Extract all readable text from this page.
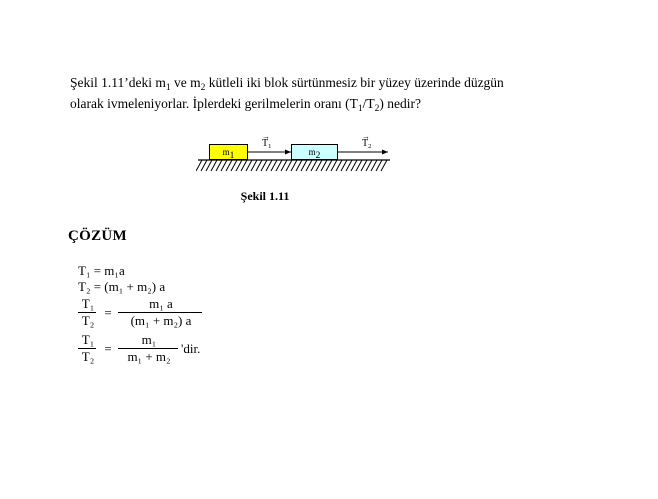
Şekil 1.11’deki $m_1$ ve $m_2$ kütleli iki blok sürtünmesiz bir yüzey üzerinde düzgün
olarak ivmeleniyorlar. İplerdeki gerilmelerin oranı $(T_1/T_2)$ nedir?
$m_1$	$m_2$
→
$T_1$
→
$T_2$
Şekil 1.11
ÇÖZÜM
T₁ = m₁a
T₂ = (m₁ + m₂) a
T₁
T₂
=
m₁ a
(m₁ + m₂) a
T₁
T₂
=
m₁
m₁ + m₂
'dir.
